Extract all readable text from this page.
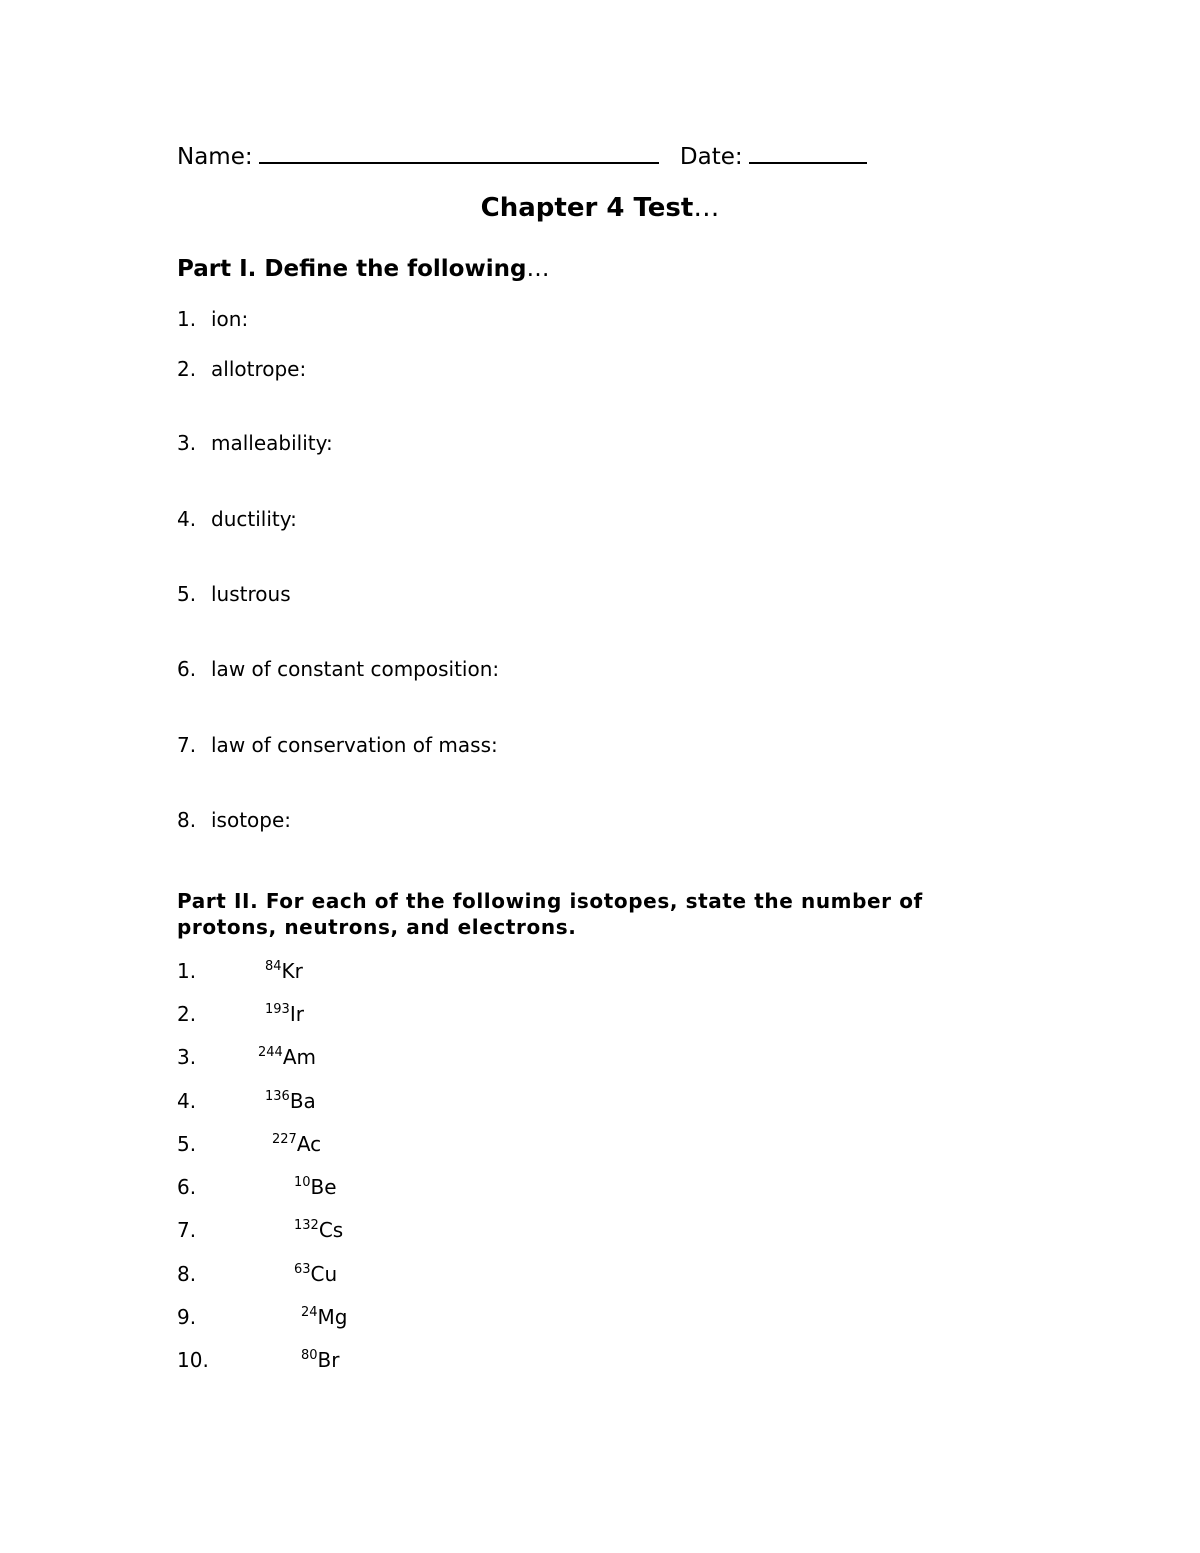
Name:	Date:
Chapter 4 Test…
Part I. Define the following…
1. ion:
2. allotrope:
3. malleability:
4. ductility:
5. lustrous
6. law of constant composition:
7. law of conservation of mass:
8. isotope:
Part II. For each of the following isotopes, state the number of protons, neutrons, and electrons.
1.	$^{84}$Kr
2.	$^{193}$Ir
3.	$^{244}$Am
4.	$^{136}$Ba
5.	$^{227}$Ac
6.	$^{10}$Be
7.	$^{132}$Cs
8.	$^{63}$Cu
9.	$^{24}$Mg
10.	$^{80}$Br
